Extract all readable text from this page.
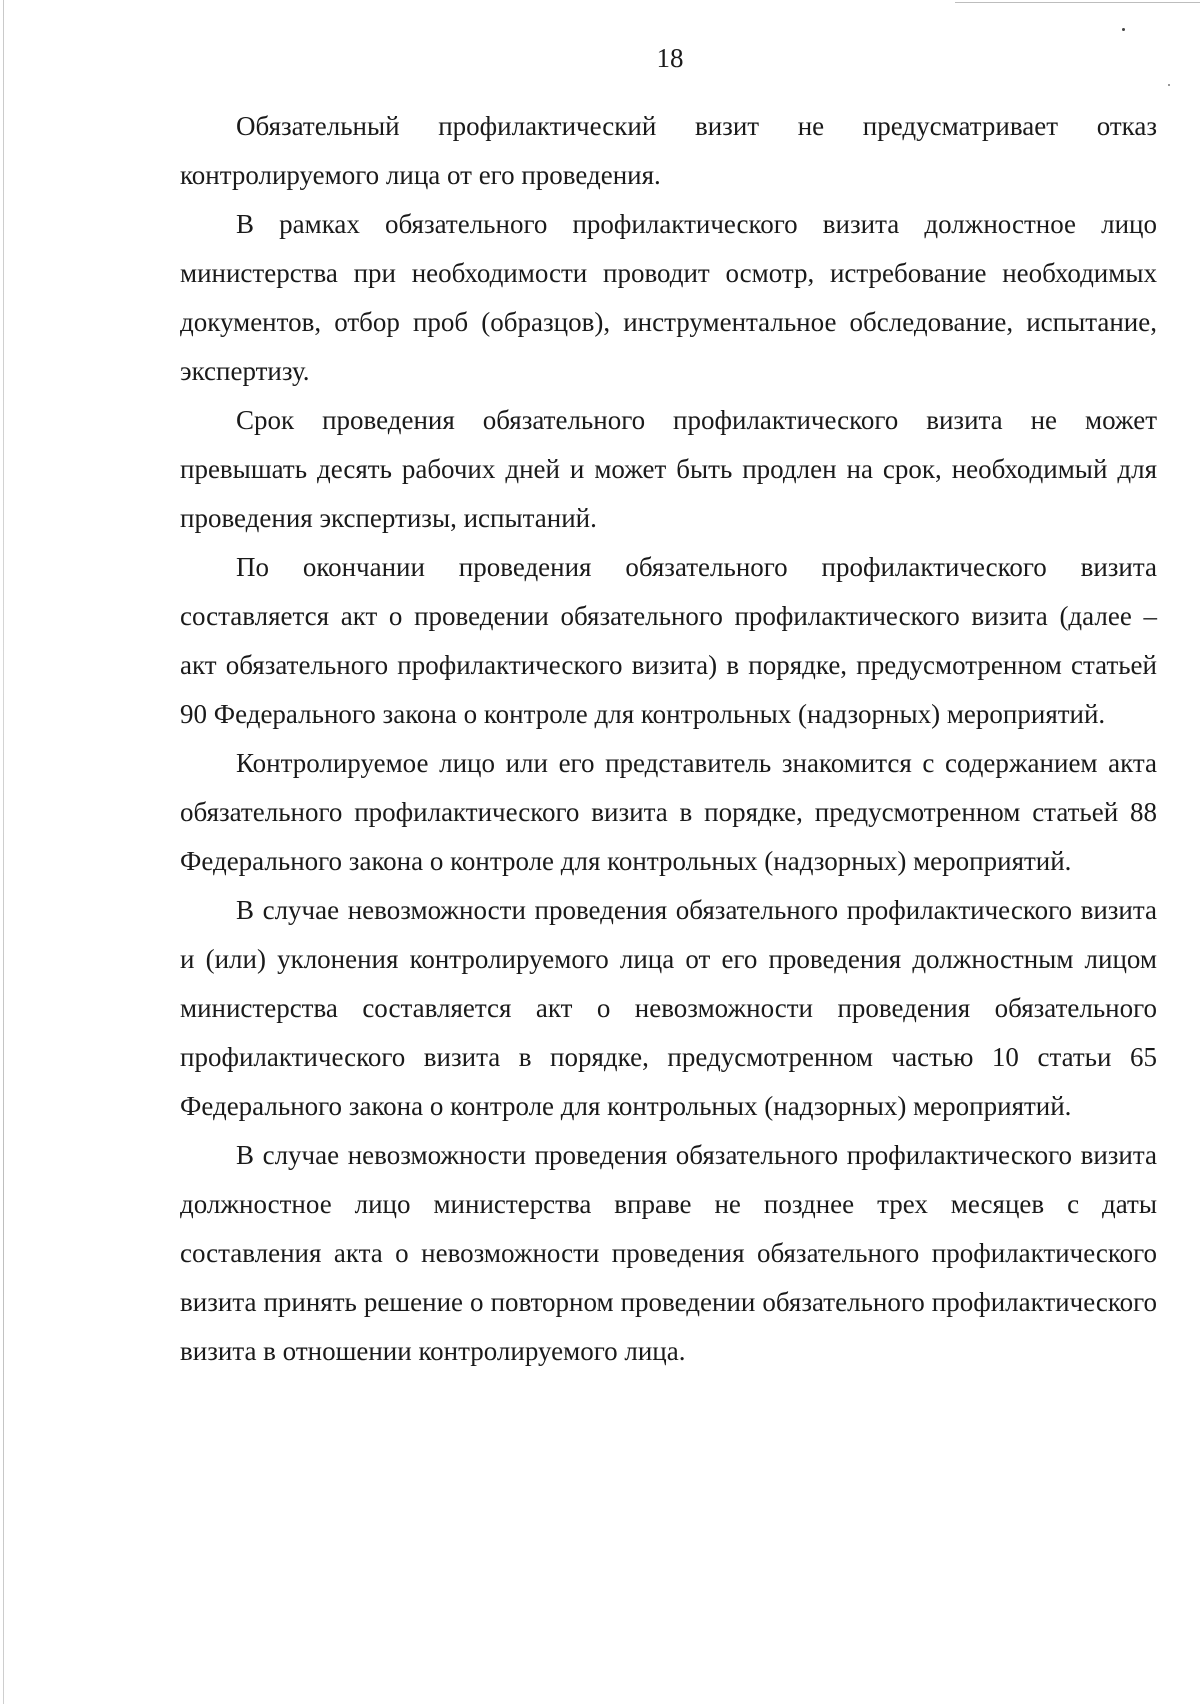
18

Обязательный профилактический визит не предусматривает отказ контролируемого лица от его проведения.

В рамках обязательного профилактического визита должностное лицо министерства при необходимости проводит осмотр, истребование необходимых документов, отбор проб (образцов), инструментальное обследование, испытание, экспертизу.

Срок проведения обязательного профилактического визита не может превышать десять рабочих дней и может быть продлен на срок, необходимый для проведения экспертизы, испытаний.

По окончании проведения обязательного профилактического визита составляется акт о проведении обязательного профилактического визита (далее – акт обязательного профилактического визита) в порядке, предусмотренном статьей 90 Федерального закона о контроле для контрольных (надзорных) мероприятий.

Контролируемое лицо или его представитель знакомится с содержанием акта обязательного профилактического визита в порядке, предусмотренном статьей 88 Федерального закона о контроле для контрольных (надзорных) мероприятий.

В случае невозможности проведения обязательного профилактического визита и (или) уклонения контролируемого лица от его проведения должностным лицом министерства составляется акт о невозможности проведения обязательного профилактического визита в порядке, предусмотренном частью 10 статьи 65 Федерального закона о контроле для контрольных (надзорных) мероприятий.

В случае невозможности проведения обязательного профилактического визита должностное лицо министерства вправе не позднее трех месяцев с даты составления акта о невозможности проведения обязательного профилактического визита принять решение о повторном проведении обязательного профилактического визита в отношении контролируемого лица.
